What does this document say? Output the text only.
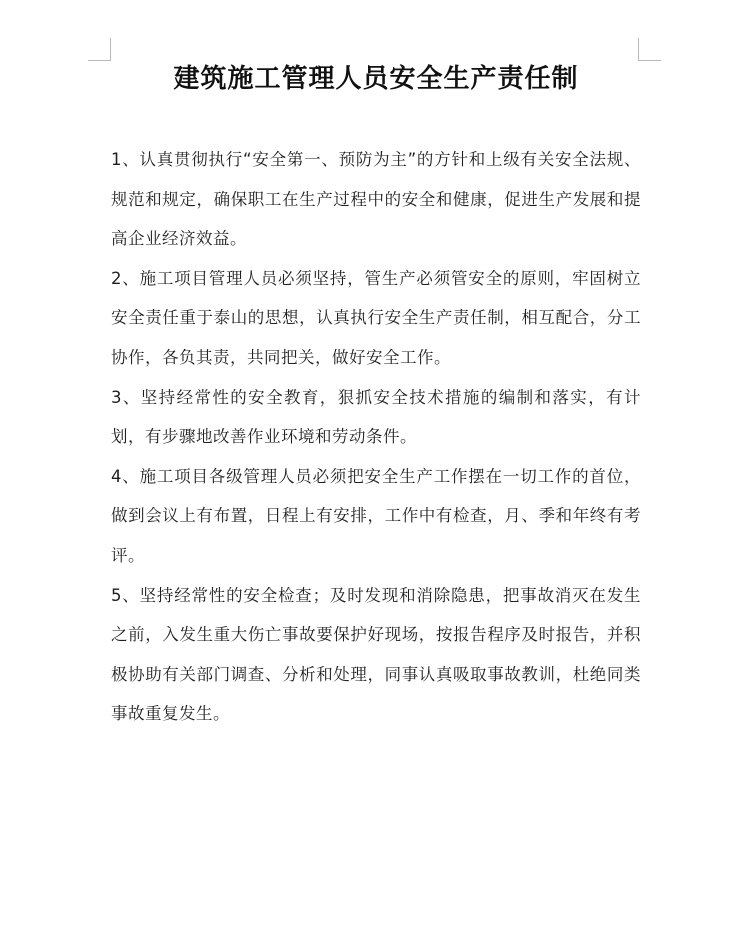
建筑施工管理人员安全生产责任制

1、认真贯彻执行“安全第一、预防为主”的方针和上级有关安全法规、规范和规定，确保职工在生产过程中的安全和健康，促进生产发展和提高企业经济效益。

2、施工项目管理人员必须坚持，管生产必须管安全的原则，牢固树立安全责任重于泰山的思想，认真执行安全生产责任制，相互配合，分工协作，各负其责，共同把关，做好安全工作。

3、坚持经常性的安全教育，狠抓安全技术措施的编制和落实，有计划，有步骤地改善作业环境和劳动条件。

4、施工项目各级管理人员必须把安全生产工作摆在一切工作的首位，做到会议上有布置，日程上有安排，工作中有检查，月、季和年终有考评。

5、坚持经常性的安全检查；及时发现和消除隐患，把事故消灭在发生之前，入发生重大伤亡事故要保护好现场，按报告程序及时报告，并积极协助有关部门调查、分析和处理，同事认真吸取事故教训，杜绝同类事故重复发生。
